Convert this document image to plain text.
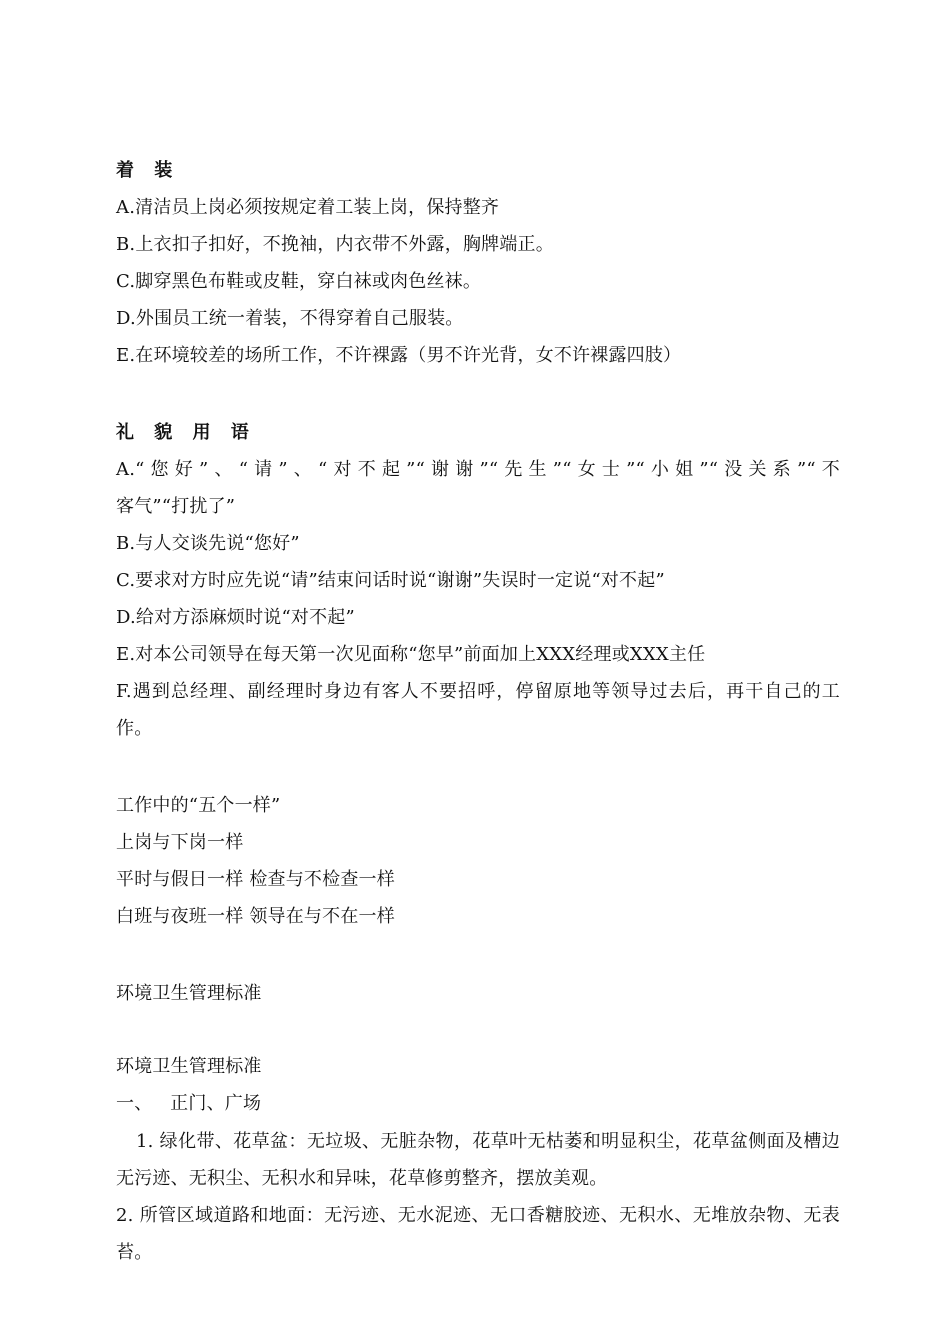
着 装
A.清洁员上岗必须按规定着工装上岗，保持整齐
B.上衣扣子扣好，不挽袖，内衣带不外露，胸牌端正。
C.脚穿黑色布鞋或皮鞋，穿白袜或肉色丝袜。
D.外围员工统一着装，不得穿着自己服装。
E.在环境较差的场所工作，不许裸露（男不许光背，女不许裸露四肢）
礼 貌 用 语
A.“您好”、“请”、“对不起”“谢谢”“先生”“女士”“小姐”“没关系”“不
客气”“打扰了”
B.与人交谈先说“您好”
C.要求对方时应先说“请”结束问话时说“谢谢”失误时一定说“对不起”
D.给对方添麻烦时说“对不起”
E.对本公司领导在每天第一次见面称“您早”前面加上XXX经理或XXX主任
F.遇到总经理、副经理时身边有客人不要招呼，停留原地等领导过去后，再干自己的工
作。
工作中的“五个一样”
上岗与下岗一样
平时与假日一样 检查与不检查一样
白班与夜班一样 领导在与不在一样
环境卫生管理标准
环境卫生管理标准
一、   正门、广场
1. 绿化带、花草盆：无垃圾、无脏杂物，花草叶无枯萎和明显积尘，花草盆侧面及槽边
无污迹、无积尘、无积水和异味，花草修剪整齐，摆放美观。
2. 所管区域道路和地面：无污迹、无水泥迹、无口香糖胶迹、无积水、无堆放杂物、无表
苔。
